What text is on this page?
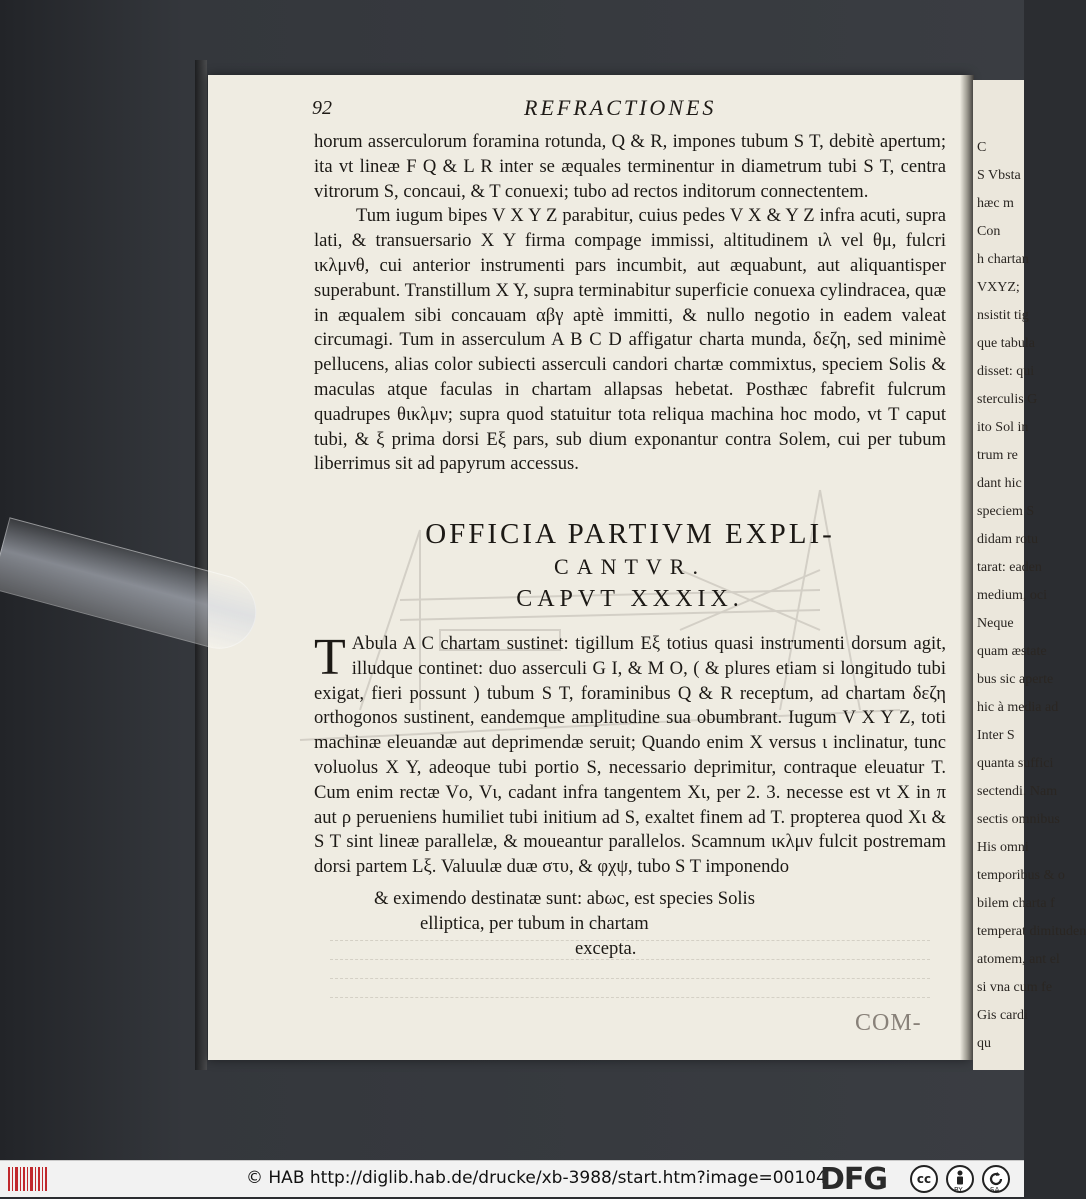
C
S Vbsta
hæc m
Con
h chartan
VXYZ;
nsistit tig
que tabula
disset: qui
sterculis G
ito Sol in
trum re
dant hic
speciem S
didam rotu
tarat: eaden
medium, oci
Neque
quam æstate
bus sic aperte
hic à media ad
Inter S
quanta suffici
sectendi. Nam
sectis omnibus
His omni
temporibus & o
bilem charta f
temperat dimituden
atomem, ant el
si vna cum fe
Gis cardi
qu
92	REFRACTIONES
horum asserculorum foramina rotunda, Q & R, impones tubum S T, debitè apertum; ita vt lineæ F Q & L R inter se æquales terminentur in diametrum tubi S T, centra vitrorum S, concaui, & T conuexi; tubo ad rectos inditorum connectentem.
Tum iugum bipes V X Y Z parabitur, cuius pedes V X & Y Z infra acuti, supra lati, & transuersario X Y firma compage immissi, altitudinem ιλ vel θμ, fulcri ικλμνθ, cui anterior instrumenti pars incumbit, aut æquabunt, aut aliquantisper superabunt. Transtillum X Y, supra terminabitur superficie conuexa cylindracea, quæ in æqualem sibi concauam αβγ aptè immitti, & nullo negotio in eadem valeat circumagi. Tum in asserculum A B C D affigatur charta munda, δεζη, sed minimè pellucens, alias color subiecti asserculi candori chartæ commixtus, speciem Solis & maculas atque faculas in chartam allapsas hebetat. Posthæc fabrefit fulcrum quadrupes θικλμν; supra quod statuitur tota reliqua machina hoc modo, vt T caput tubi, & ξ prima dorsi Eξ pars, sub dium exponantur contra Solem, cui per tubum liberrimus sit ad papyrum accessus.

OFFICIA PARTIVM EXPLI-

CANTVR.

CAPVT XXXIX.

T Abula A C chartam sustinet: tigillum Eξ totius quasi instrumenti dorsum agit, illudque continet: duo asserculi G I, & M O, ( & plures etiam si longitudo tubi exigat, fieri possunt ) tubum S T, foraminibus Q & R receptum, ad chartam δεζη orthogonos sustinent, eandemque amplitudine sua obumbrant. Iugum V X Y Z, toti machinæ eleuandæ aut deprimendæ seruit; Quando enim X versus ι inclinatur, tunc voluolus X Y, adeoque tubi portio S, necessario deprimitur, contraque eleuatur T. Cum enim rectæ Vο, Vι, cadant infra tangentem Xι, per 2. 3. necesse est vt X in π aut ρ perueniens humiliet tubi initium ad S, exaltet finem ad T. propterea quod Xι & S T sint lineæ parallelæ, & moueantur parallelos. Scamnum ικλμν fulcit postremam dorsi partem Lξ. Valuulæ duæ στυ, & φχψ, tubo S T imponendo
& eximendo destinatæ sunt: abωc, est species Solis
elliptica, per tubum in chartam
excepta.
COM-
© HAB http://diglib.hab.de/drucke/xb-3988/start.htm?image=00104
DFG	cc
BY	SA
